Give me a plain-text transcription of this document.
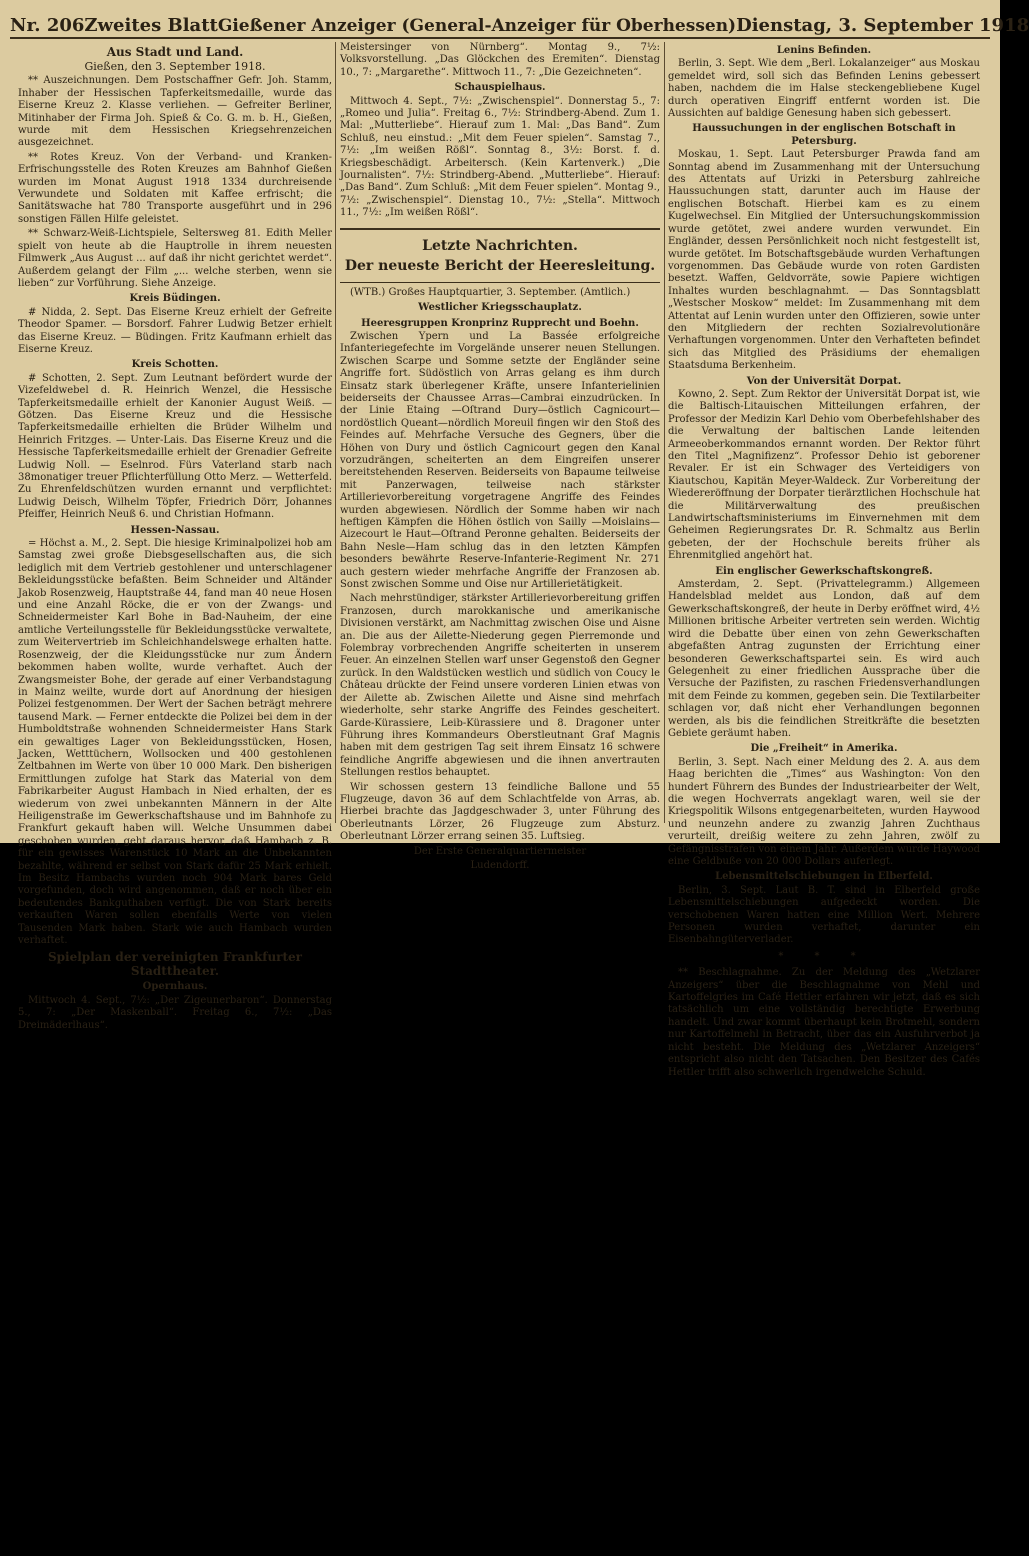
Nr. 206 Zweites Blatt Gießener Anzeiger (General-Anzeiger für Oberhessen) Dienstag, 3. September 1918
Aus Stadt und Land.
Gießen, den 3. September 1918.

** Auszeichnungen. Dem Postschaffner Gefr. Joh. Stamm, Inhaber der Hessischen Tapferkeitsmedaille, wurde das Eiserne Kreuz 2. Klasse verliehen. — Gefreiter Berliner, Mitinhaber der Firma Joh. Spieß & Co. G. m. b. H., Gießen, wurde mit dem Hessischen Kriegsehrenzeichen ausgezeichnet.

** Rotes Kreuz. Von der Verband- und Kranken-Erfrischungsstelle des Roten Kreuzes am Bahnhof Gießen wurden im Monat August 1918 1334 durchreisende Verwundete und Soldaten mit Kaffee erfrischt; die Sanitätswache hat 780 Transporte ausgeführt und in 296 sonstigen Fällen Hilfe geleistet.

** Schwarz-Weiß-Lichtspiele, Seltersweg 81. Edith Meller spielt von heute ab die Hauptrolle in ihrem neuesten Filmwerk „Aus August ... auf daß ihr nicht gerichtet werdet“. Außerdem gelangt der Film „... welche sterben, wenn sie lieben“ zur Vorführung. Siehe Anzeige.

Kreis Büdingen.

# Nidda, 2. Sept. Das Eiserne Kreuz erhielt der Gefreite Theodor Spamer. — Borsdorf. Fahrer Ludwig Betzer erhielt das Eiserne Kreuz. — Büdingen. Fritz Kaufmann erhielt das Eiserne Kreuz.

Kreis Schotten.

# Schotten, 2. Sept. Zum Leutnant befördert wurde der Vizefeldwebel d. R. Heinrich Wenzel, die Hessische Tapferkeitsmedaille erhielt der Kanonier August Weiß. — Götzen. Das Eiserne Kreuz und die Hessische Tapferkeitsmedaille erhielten die Brüder Wilhelm und Heinrich Fritzges. — Unter-Lais. Das Eiserne Kreuz und die Hessische Tapferkeitsmedaille erhielt der Grenadier Gefreite Ludwig Noll. — Eselnrod. Fürs Vaterland starb nach 38monatiger treuer Pflichterfüllung Otto Merz. — Wetterfeld. Zu Ehrenfeldschützen wurden ernannt und verpflichtet: Ludwig Deisch, Wilhelm Töpfer, Friedrich Dörr, Johannes Pfeiffer, Heinrich Neuß 6. und Christian Hofmann.

Hessen-Nassau.

= Höchst a. M., 2. Sept. Die hiesige Kriminalpolizei hob am Samstag zwei große Diebsgesellschaften aus, die sich lediglich mit dem Vertrieb gestohlener und unterschlagener Bekleidungsstücke befaßten. Beim Schneider und Altänder Jakob Rosenzweig, Hauptstraße 44, fand man 40 neue Hosen und eine Anzahl Röcke, die er von der Zwangs- und Schneidermeister Karl Bohe in Bad-Nauheim, der eine amtliche Verteilungsstelle für Bekleidungsstücke verwaltete, zum Weitervertrieb im Schleichhandelswege erhalten hatte. Rosenzweig, der die Kleidungsstücke nur zum Ändern bekommen haben wollte, wurde verhaftet. Auch der Zwangsmeister Bohe, der gerade auf einer Verbandstagung in Mainz weilte, wurde dort auf Anordnung der hiesigen Polizei festgenommen. Der Wert der Sachen beträgt mehrere tausend Mark. — Ferner entdeckte die Polizei bei dem in der Humboldtstraße wohnenden Schneidermeister Hans Stark ein gewaltiges Lager von Bekleidungsstücken, Hosen, Jacken, Wetttüchern, Wollsocken und 400 gestohlenen Zeltbahnen im Werte von über 10 000 Mark. Den bisherigen Ermittlungen zufolge hat Stark das Material von dem Fabrikarbeiter August Hambach in Nied erhalten, der es wiederum von zwei unbekannten Männern in der Alte Heiligenstraße im Gewerkschaftshause und im Bahnhofe zu Frankfurt gekauft haben will. Welche Unsummen dabei geschoben wurden, geht daraus hervor, daß Hambach z. B. für ein gewisses Warenstück 10 Mark an die Unbekannten bezahlte, während er selbst von Stark dafür 25 Mark erhielt. Im Besitz Hambachs wurden noch 904 Mark bares Geld vorgefunden, doch wird angenommen, daß er noch über ein bedeutendes Bankguthaben verfügt. Die von Stark bereits verkauften Waren sollen ebenfalls Werte von vielen Tausenden Mark haben. Stark wie auch Hambach wurden verhaftet.

Spielplan der vereinigten Frankfurter Stadttheater.
Opernhaus.

Mittwoch 4. Sept., 7½: „Der Zigeunerbaron“. Donnerstag 5., 7: „Der Maskenball“. Freitag 6., 7½: „Das Dreimäderlhaus“.

Meistersinger von Nürnberg“. Montag 9., 7½: Volksvorstellung. „Das Glöckchen des Eremiten“. Dienstag 10., 7: „Margarethe“. Mittwoch 11., 7: „Die Gezeichneten“.

Schauspielhaus.

Mittwoch 4. Sept., 7½: „Zwischenspiel“. Donnerstag 5., 7: „Romeo und Julia“. Freitag 6., 7½: Strindberg-Abend. Zum 1. Mal: „Mutterliebe“. Hierauf zum 1. Mal: „Das Band“. Zum Schluß, neu einstud.: „Mit dem Feuer spielen“. Samstag 7., 7½: „Im weißen Rößl“. Sonntag 8., 3½: Borst. f. d. Kriegsbeschädigt. Arbeitersch. (Kein Kartenverk.) „Die Journalisten“. 7½: Strindberg-Abend. „Mutterliebe“. Hierauf: „Das Band“. Zum Schluß: „Mit dem Feuer spielen“. Montag 9., 7½: „Zwischenspiel“. Dienstag 10., 7½: „Stella“. Mittwoch 11., 7½: „Im weißen Rößl“.

Letzte Nachrichten.
Der neueste Bericht der Heeresleitung.

(WTB.) Großes Hauptquartier, 3. September. (Amtlich.)

Westlicher Kriegsschauplatz.
Heeresgruppen Kronprinz Rupprecht und Boehn.

Zwischen Ypern und La Bassée erfolgreiche Infanteriegefechte im Vorgelände unserer neuen Stellungen. Zwischen Scarpe und Somme setzte der Engländer seine Angriffe fort. Südöstlich von Arras gelang es ihm durch Einsatz stark überlegener Kräfte, unsere Infanterielinien beiderseits der Chaussee Arras—Cambrai einzudrücken. In der Linie Etaing —Oſtrand Dury—östlich Cagnicourt—nordöstlich Queant—nördlich Moreuil fingen wir den Stoß des Feindes auf. Mehrfache Versuche des Gegners, über die Höhen von Dury und östlich Cagnicourt gegen den Kanal vorzudrängen, scheiterten an dem Eingreifen unserer bereitstehenden Reserven. Beiderseits von Bapaume teilweise mit Panzerwagen, teilweise nach stärkster Artillerievorbereitung vorgetragene Angriffe des Feindes wurden abgewiesen. Nördlich der Somme haben wir nach heftigen Kämpfen die Höhen östlich von Sailly —Moislains—Aizecourt le Haut—Oſtrand Peronne gehalten. Beiderseits der Bahn Nesle—Ham schlug das in den letzten Kämpfen besonders bewährte Reserve-Infanterie-Regiment Nr. 271 auch gestern wieder mehrfache Angriffe der Franzosen ab. Sonst zwischen Somme und Oise nur Artillerietätigkeit.

Nach mehrstündiger, stärkster Artillerievorbereitung griffen Franzosen, durch marokkanische und amerikanische Divisionen verstärkt, am Nachmittag zwischen Oise und Aisne an. Die aus der Ailette-Niederung gegen Pierremonde und Folembray vorbrechenden Angriffe scheiterten in unserem Feuer. An einzelnen Stellen warf unser Gegenstoß den Gegner zurück. In den Waldstücken westlich und südlich von Coucy le Château drückte der Feind unsere vorderen Linien etwas von der Ailette ab. Zwischen Ailette und Aisne sind mehrfach wiederholte, sehr starke Angriffe des Feindes gescheitert. Garde-Kürassiere, Leib-Kürassiere und 8. Dragoner unter Führung ihres Kommandeurs Oberstleutnant Graf Magnis haben mit dem gestrigen Tag seit ihrem Einsatz 16 schwere feindliche Angriffe abgewiesen und die ihnen anvertrauten Stellungen restlos behauptet.

Wir schossen gestern 13 feindliche Ballone und 55 Flugzeuge, davon 36 auf dem Schlachtfelde von Arras, ab. Hierbei brachte das Jagdgeschwader 3, unter Führung des Oberleutnants Lörzer, 26 Flugzeuge zum Absturz. Oberleutnant Lörzer errang seinen 35. Luftsieg.

Der Erste Generalquartiermeister
Ludendorff.
Lenins Befinden.

Berlin, 3. Sept. Wie dem „Berl. Lokalanzeiger“ aus Moskau gemeldet wird, soll sich das Befinden Lenins gebessert haben, nachdem die im Halse steckengebliebene Kugel durch operativen Eingriff entfernt worden ist. Die Aussichten auf baldige Genesung haben sich gebessert.

Haussuchungen in der englischen Botschaft in Petersburg.

Moskau, 1. Sept. Laut Petersburger Prawda fand am Sonntag abend im Zusammenhang mit der Untersuchung des Attentats auf Urizki in Petersburg zahlreiche Haussuchungen statt, darunter auch im Hause der englischen Botschaft. Hierbei kam es zu einem Kugelwechsel. Ein Mitglied der Untersuchungskommission wurde getötet, zwei andere wurden verwundet. Ein Engländer, dessen Persönlichkeit noch nicht festgestellt ist, wurde getötet. Im Botschaftsgebäude wurden Verhaftungen vorgenommen. Das Gebäude wurde von roten Gardisten besetzt. Waffen, Geldvorräte, sowie Papiere wichtigen Inhaltes wurden beschlagnahmt. — Das Sonntagsblatt „Westscher Moskow“ meldet: Im Zusammenhang mit dem Attentat auf Lenin wurden unter den Offizieren, sowie unter den Mitgliedern der rechten Sozialrevolutionäre Verhaftungen vorgenommen. Unter den Verhafteten befindet sich das Mitglied des Präsidiums der ehemaligen Staatsduma Berkenheim.

Von der Universität Dorpat.

Kowno, 2. Sept. Zum Rektor der Universität Dorpat ist, wie die Baltisch-Litauischen Mitteilungen erfahren, der Professor der Medizin Karl Dehio vom Oberbefehlshaber des die Verwaltung der baltischen Lande leitenden Armeeoberkommandos ernannt worden. Der Rektor führt den Titel „Magnifizenz“. Professor Dehio ist geborener Revaler. Er ist ein Schwager des Verteidigers von Kiautschou, Kapitän Meyer-Waldeck. Zur Vorbereitung der Wiedereröffnung der Dorpater tierärztlichen Hochschule hat die Militärverwaltung des preußischen Landwirtschaftsministeriums im Einvernehmen mit dem Geheimen Regierungsrates Dr. R. Schmaltz aus Berlin gebeten, der der Hochschule bereits früher als Ehrenmitglied angehört hat.

Ein englischer Gewerkschaftskongreß.

Amsterdam, 2. Sept. (Privattelegramm.) Allgemeen Handelsblad meldet aus London, daß auf dem Gewerkschaftskongreß, der heute in Derby eröffnet wird, 4½ Millionen britische Arbeiter vertreten sein werden. Wichtig wird die Debatte über einen von zehn Gewerkschaften abgefaßten Antrag zugunsten der Errichtung einer besonderen Gewerkschaftspartei sein. Es wird auch Gelegenheit zu einer friedlichen Aussprache über die Versuche der Pazifisten, zu raschen Friedensverhandlungen mit dem Feinde zu kommen, gegeben sein. Die Textilarbeiter schlagen vor, daß nicht eher Verhandlungen begonnen werden, als bis die feindlichen Streitkräfte die besetzten Gebiete geräumt haben.

Die „Freiheit“ in Amerika.

Berlin, 3. Sept. Nach einer Meldung des 2. A. aus dem Haag berichten die „Times“ aus Washington: Von den hundert Führern des Bundes der Industriearbeiter der Welt, die wegen Hochverrats angeklagt waren, weil sie der Kriegspolitik Wilsons entgegenarbeiteten, wurden Haywood und neunzehn andere zu zwanzig Jahren Zuchthaus verurteilt, dreißig weitere zu zehn Jahren, zwölf zu Gefängnisstrafen von einem Jahr. Außerdem wurde Haywood eine Geldbuße von 20 000 Dollars auferlegt.

Lebensmittelschiebungen in Elberfeld.

Berlin, 3. Sept. Laut B. T. sind in Elberfeld große Lebensmittelschiebungen aufgedeckt worden. Die verschobenen Waren hatten eine Million Wert. Mehrere Personen wurden verhaftet, darunter ein Eisenbahngüterverlader.

* * *

** Beschlagnahme. Zu der Meldung des „Wetzlarer Anzeigers“ über die Beschlagnahme von Mehl und Kartoffelgries im Café Hettler erfahren wir jetzt, daß es sich tatsächlich um eine vollständig berechtigte Erwerbung handelt. Und zwar kommt überhaupt kein Brotmehl, sondern nur Kartoffelmehl in Betracht, über das ein Ausfuhrverbot ja nicht besteht. Die Meldung des „Wetzlarer Anzeigers“ entspricht also nicht den Tatsachen. Den Besitzer des Cafés Hettler trifft also schwerlich irgendwelche Schuld.
